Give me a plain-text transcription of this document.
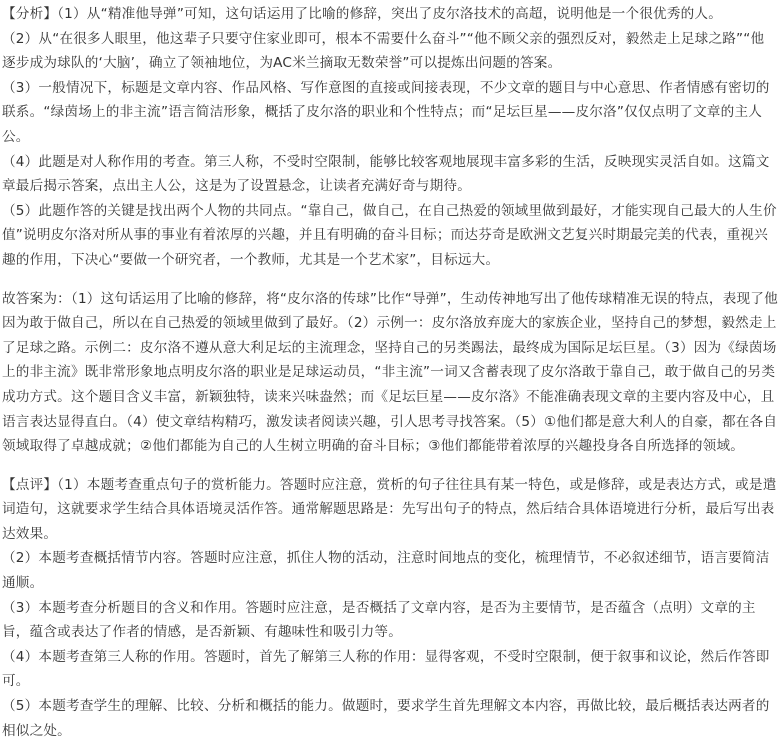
【分析】（1）从“精准他导弹”可知，这句话运用了比喻的修辞，突出了皮尔洛技术的高超，说明他是一个很优秀的人。

（2）从“在很多人眼里，他这辈子只要守住家业即可，根本不需要什么奋斗”“他不顾父亲的强烈反对，毅然走上足球之路”“他逐步成为球队的‘大脑’，确立了领袖地位，为AC米兰摘取无数荣誉”可以提炼出问题的答案。

（3）一般情况下，标题是文章内容、作品风格、写作意图的直接或间接表现，不少文章的题目与中心意思、作者情感有密切的联系。“绿茵场上的非主流”语言简洁形象，概括了皮尔洛的职业和个性特点；而“足坛巨星——皮尔洛”仅仅点明了文章的主人公。

（4）此题是对人称作用的考查。第三人称，不受时空限制，能够比较客观地展现丰富多彩的生活，反映现实灵活自如。这篇文章最后揭示答案，点出主人公，这是为了设置悬念，让读者充满好奇与期待。

（5）此题作答的关键是找出两个人物的共同点。“靠自己，做自己，在自己热爱的领域里做到最好，才能实现自己最大的人生价值”说明皮尔洛对所从事的事业有着浓厚的兴趣，并且有明确的奋斗目标；而达芬奇是欧洲文艺复兴时期最完美的代表，重视兴趣的作用，下决心“要做一个研究者，一个教师，尤其是一个艺术家”，目标远大。

故答案为：（1）这句话运用了比喻的修辞，将“皮尔洛的传球”比作“导弹”，生动传神地写出了他传球精准无误的特点，表现了他因为敢于做自己，所以在自己热爱的领域里做到了最好。（2）示例一：皮尔洛放弃庞大的家族企业，坚持自己的梦想，毅然走上了足球之路。示例二：皮尔洛不遵从意大利足坛的主流理念，坚持自己的另类踢法，最终成为国际足坛巨星。（3）因为《绿茵场上的非主流》既非常形象地点明皮尔洛的职业是足球运动员，“非主流”一词又含蓄表现了皮尔洛敢于靠自己，敢于做自己的另类成功方式。这个题目含义丰富，新颖独特，读来兴味盎然；而《足坛巨星——皮尔洛》不能准确表现文章的主要内容及中心，且语言表达显得直白。（4）使文章结构精巧，激发读者阅读兴趣，引人思考寻找答案。（5）①他们都是意大利人的自豪，都在各自领域取得了卓越成就；②他们都能为自己的人生树立明确的奋斗目标；③他们都能带着浓厚的兴趣投身各自所选择的领域。

【点评】（1）本题考查重点句子的赏析能力。答题时应注意，赏析的句子往往具有某一特色，或是修辞，或是表达方式，或是遣词造句，这就要求学生结合具体语境灵活作答。通常解题思路是：先写出句子的特点，然后结合具体语境进行分析，最后写出表达效果。

（2）本题考查概括情节内容。答题时应注意，抓住人物的活动，注意时间地点的变化，梳理情节，不必叙述细节，语言要简洁通顺。

（3）本题考查分析题目的含义和作用。答题时应注意，是否概括了文章内容，是否为主要情节，是否蕴含（点明）文章的主旨，蕴含或表达了作者的情感，是否新颖、有趣味性和吸引力等。

（4）本题考查第三人称的作用。答题时，首先了解第三人称的作用：显得客观，不受时空限制，便于叙事和议论，然后作答即可。

（5）本题考查学生的理解、比较、分析和概括的能力。做题时，要求学生首先理解文本内容，再做比较，最后概括表达两者的相似之处。
